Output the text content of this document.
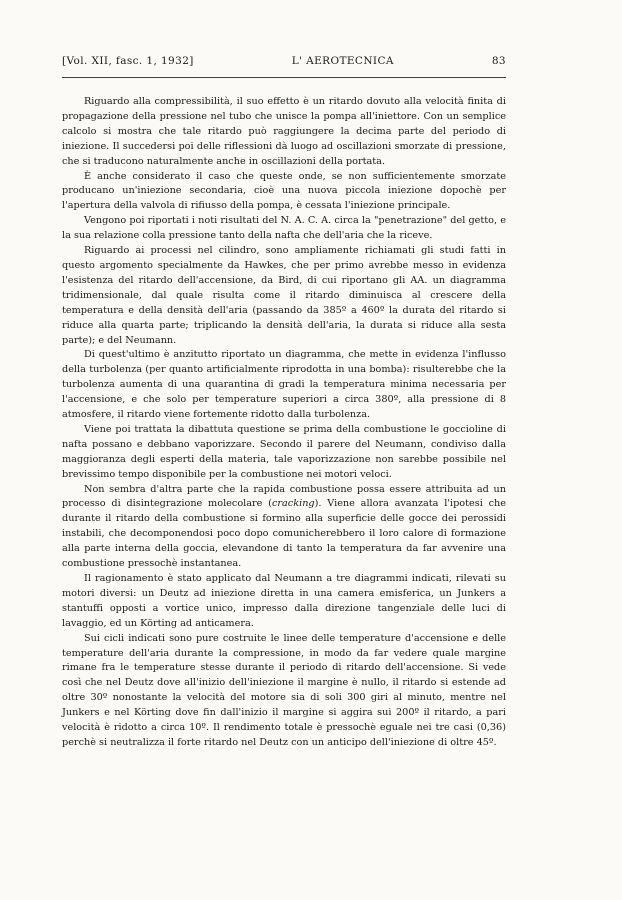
[Vol. XII, fasc. 1, 1932]	L' AEROTECNICA	83

Riguardo alla compressibilità, il suo effetto è un ritardo dovuto alla velocità finita di propagazione della pressione nel tubo che unisce la pompa all'iniettore. Con un semplice calcolo si mostra che tale ritardo può raggiungere la decima parte del periodo di iniezione. Il succedersi poi delle riflessioni dà luogo ad oscillazioni smorzate di pressione, che si traducono naturalmente anche in oscillazioni della portata.

È anche considerato il caso che queste onde, se non sufficientemente smorzate producano un'iniezione secondaria, cioè una nuova piccola iniezione dopochè per l'apertura della valvola di rifiusso della pompa, è cessata l'iniezione principale.

Vengono poi riportati i noti risultati del N. A. C. A. circa la "penetrazione" del getto, e la sua relazione colla pressione tanto della nafta che dell'aria che la riceve.

Riguardo ai processi nel cilindro, sono ampliamente richiamati gli studi fatti in questo argomento specialmente da Hawkes, che per primo avrebbe messo in evidenza l'esistenza del ritardo dell'accensione, da Bird, di cui riportano gli AA. un diagramma tridimensionale, dal quale risulta come il ritardo diminuisca al crescere della temperatura e della densità dell'aria (passando da 385º a 460º la durata del ritardo si riduce alla quarta parte; triplicando la densità dell'aria, la durata si riduce alla sesta parte); e del Neumann.

Di quest'ultimo è anzitutto riportato un diagramma, che mette in evidenza l'influsso della turbolenza (per quanto artificialmente riprodotta in una bomba): risulterebbe che la turbolenza aumenta di una quarantina di gradi la temperatura minima necessaria per l'accensione, e che solo per temperature superiori a circa 380º, alla pressione di 8 atmosfere, il ritardo viene fortemente ridotto dalla turbolenza.

Viene poi trattata la dibattuta questione se prima della combustione le goccioline di nafta possano e debbano vaporizzare. Secondo il parere del Neumann, condiviso dalla maggioranza degli esperti della materia, tale vaporizzazione non sarebbe possibile nel brevissimo tempo disponibile per la combustione nei motori veloci.

Non sembra d'altra parte che la rapida combustione possa essere attribuita ad un processo di disintegrazione molecolare (cracking). Viene allora avanzata l'ipotesi che durante il ritardo della combustione si formino alla superficie delle gocce dei perossidi instabili, che decomponendosi poco dopo comunicherebbero il loro calore di formazione alla parte interna della goccia, elevandone di tanto la temperatura da far avvenire una combustione pressochè instantanea.

Il ragionamento è stato applicato dal Neumann a tre diagrammi indicati, rilevati su motori diversi: un Deutz ad iniezione diretta in una camera emisferica, un Junkers a stantuffi opposti a vortice unico, impresso dalla direzione tangenziale delle luci di lavaggio, ed un Körting ad anticamera.

Sui cicli indicati sono pure costruite le linee delle temperature d'accensione e delle temperature dell'aria durante la compressione, in modo da far vedere quale margine rimane fra le temperature stesse durante il periodo di ritardo dell'accensione. Si vede così che nel Deutz dove all'inizio dell'iniezione il margine è nullo, il ritardo si estende ad oltre 30º nonostante la velocità del motore sia di soli 300 giri al minuto, mentre nel Junkers e nel Körting dove fin dall'inizio il margine si aggira sui 200º il ritardo, a pari velocità è ridotto a circa 10º. Il rendimento totale è pressochè eguale nei tre casi (0,36) perchè si neutralizza il forte ritardo nel Deutz con un anticipo dell'iniezione di oltre 45º.
